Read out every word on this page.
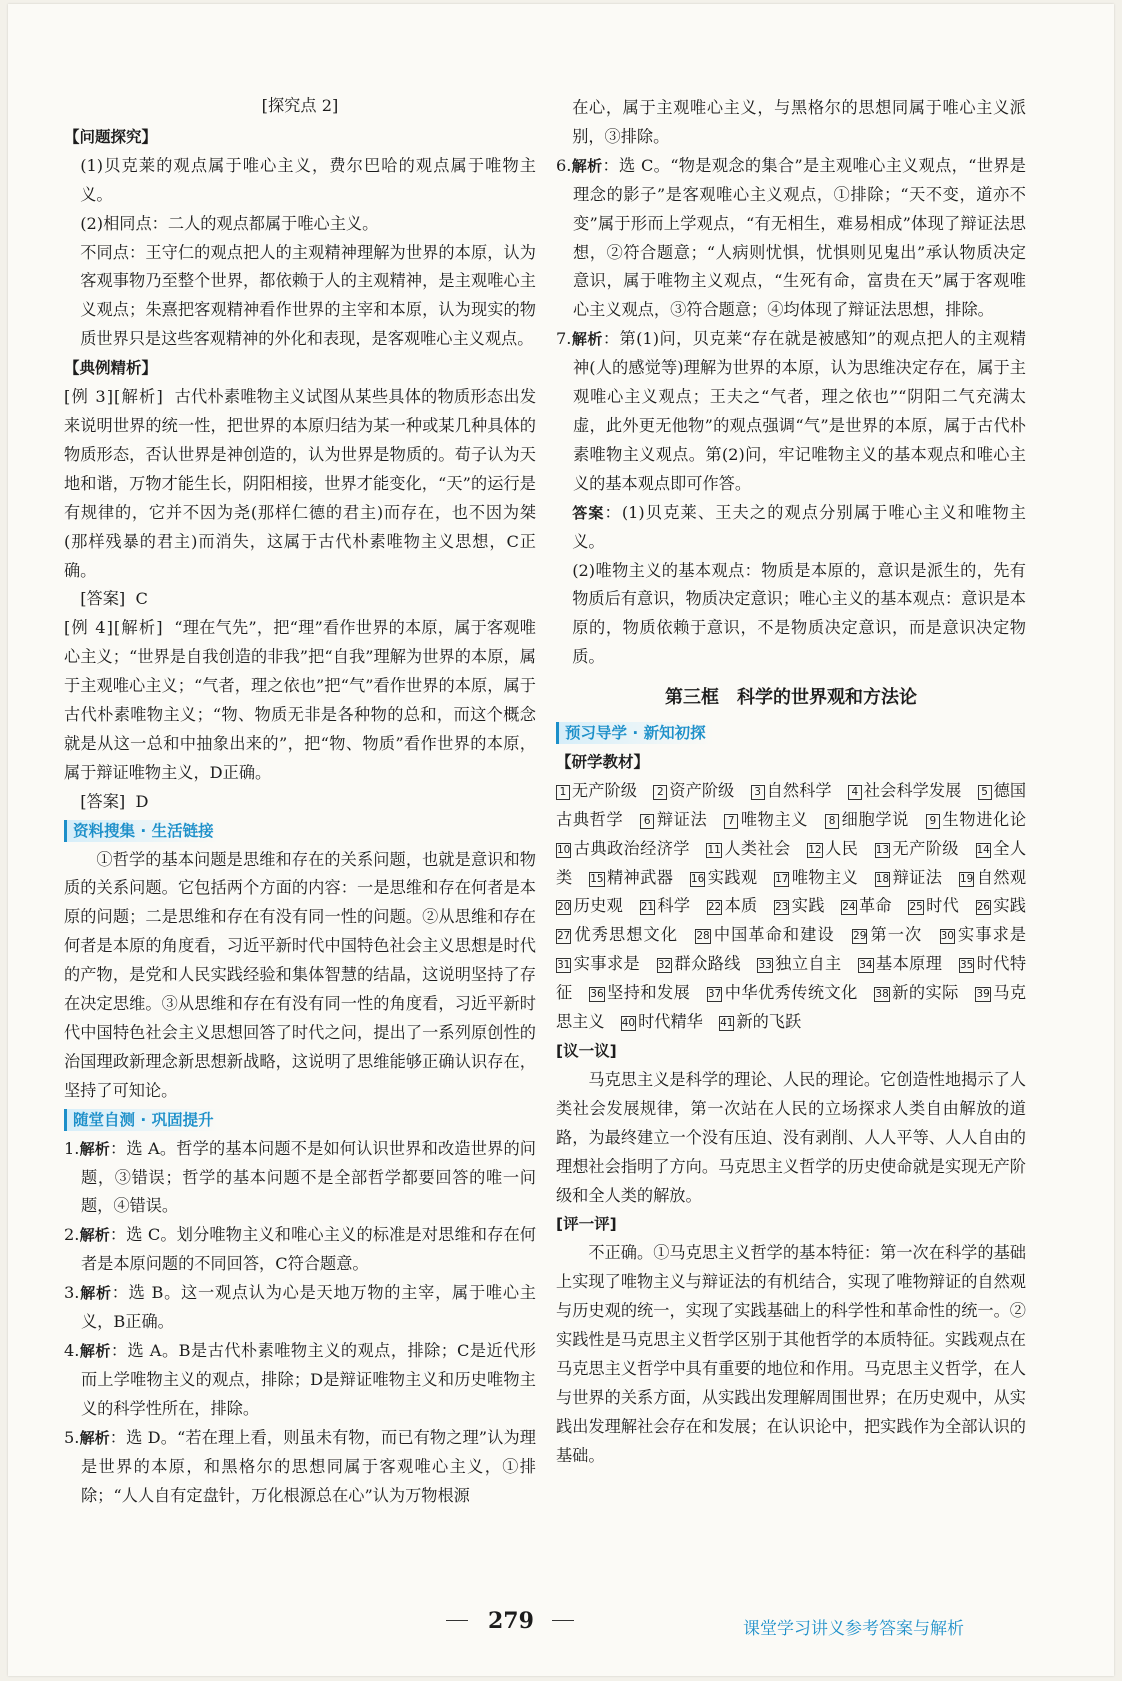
[探究点 2]

【问题探究】

(1)贝克莱的观点属于唯心主义，费尔巴哈的观点属于唯物主义。

(2)相同点：二人的观点都属于唯心主义。

不同点：王守仁的观点把人的主观精神理解为世界的本原，认为客观事物乃至整个世界，都依赖于人的主观精神，是主观唯心主义观点；朱熹把客观精神看作世界的主宰和本原，认为现实的物质世界只是这些客观精神的外化和表现，是客观唯心主义观点。

【典例精析】

[例 3][解析] 古代朴素唯物主义试图从某些具体的物质形态出发来说明世界的统一性，把世界的本原归结为某一种或某几种具体的物质形态，否认世界是神创造的，认为世界是物质的。荀子认为天地和谐，万物才能生长，阴阳相接，世界才能变化，“天”的运行是有规律的，它并不因为尧(那样仁德的君主)而存在，也不因为桀(那样残暴的君主)而消失，这属于古代朴素唯物主义思想，C正确。

[答案] C

[例 4][解析] “理在气先”，把“理”看作世界的本原，属于客观唯心主义；“世界是自我创造的非我”把“自我”理解为世界的本原，属于主观唯心主义；“气者，理之依也”把“气”看作世界的本原，属于古代朴素唯物主义；“物、物质无非是各种物的总和，而这个概念就是从这一总和中抽象出来的”，把“物、物质”看作世界的本原，属于辩证唯物主义，D正确。

[答案] D

资料搜集 · 生活链接

①哲学的基本问题是思维和存在的关系问题，也就是意识和物质的关系问题。它包括两个方面的内容：一是思维和存在何者是本原的问题；二是思维和存在有没有同一性的问题。②从思维和存在何者是本原的角度看，习近平新时代中国特色社会主义思想是时代的产物，是党和人民实践经验和集体智慧的结晶，这说明坚持了存在决定思维。③从思维和存在有没有同一性的角度看，习近平新时代中国特色社会主义思想回答了时代之问，提出了一系列原创性的治国理政新理念新思想新战略，这说明了思维能够正确认识存在，坚持了可知论。

随堂自测 · 巩固提升

1.解析：选 A。哲学的基本问题不是如何认识世界和改造世界的问题，③错误；哲学的基本问题不是全部哲学都要回答的唯一问题，④错误。

2.解析：选 C。划分唯物主义和唯心主义的标准是对思维和存在何者是本原问题的不同回答，C符合题意。

3.解析：选 B。这一观点认为心是天地万物的主宰，属于唯心主义，B正确。

4.解析：选 A。B是古代朴素唯物主义的观点，排除；C是近代形而上学唯物主义的观点，排除；D是辩证唯物主义和历史唯物主义的科学性所在，排除。

5.解析：选 D。“若在理上看，则虽未有物，而已有物之理”认为理是世界的本原，和黑格尔的思想同属于客观唯心主义，①排除；“人人自有定盘针，万化根源总在心”认为万物根源

在心，属于主观唯心主义，与黑格尔的思想同属于唯心主义派别，③排除。

6.解析：选 C。“物是观念的集合”是主观唯心主义观点，“世界是理念的影子”是客观唯心主义观点，①排除；“天不变，道亦不变”属于形而上学观点，“有无相生，难易相成”体现了辩证法思想，②符合题意；“人病则忧惧，忧惧则见鬼出”承认物质决定意识，属于唯物主义观点，“生死有命，富贵在天”属于客观唯心主义观点，③符合题意；④均体现了辩证法思想，排除。

7.解析：第(1)问，贝克莱“存在就是被感知”的观点把人的主观精神(人的感觉等)理解为世界的本原，认为思维决定存在，属于主观唯心主义观点；王夫之“气者，理之依也”“阴阳二气充满太虚，此外更无他物”的观点强调“气”是世界的本原，属于古代朴素唯物主义观点。第(2)问，牢记唯物主义的基本观点和唯心主义的基本观点即可作答。

答案：(1)贝克莱、王夫之的观点分别属于唯心主义和唯物主义。

(2)唯物主义的基本观点：物质是本原的，意识是派生的，先有物质后有意识，物质决定意识；唯心主义的基本观点：意识是本原的，物质依赖于意识，不是物质决定意识，而是意识决定物质。

第三框　科学的世界观和方法论

预习导学 · 新知初探

【研学教材】

1 无产阶级　 2 资产阶级　 3 自然科学　 4 社会科学发展　 5 德国古典哲学　 6 辩证法　 7 唯物主义　 8 细胞学说　 9 生物进化论　10 古典政治经济学　 11 人类社会　 12 人民　 13 无产阶级　 14 全人类　 15 精神武器　 16 实践观　 17 唯物主义　 18 辩证法　 19 自然观　20 历史观　 21 科学　 22 本质　 23 实践　 24 革命　 25 时代　 26 实践　27 优秀思想文化　 28 中国革命和建设　 29 第一次　 30 实事求是　31 实事求是　 32 群众路线　 33 独立自主　 34 基本原理　 35 时代特征　 36 坚持和发展　 37 中华优秀传统文化　 38 新的实际　 39 马克思主义　 40 时代精华　 41 新的飞跃　

[议一议]

马克思主义是科学的理论、人民的理论。它创造性地揭示了人类社会发展规律，第一次站在人民的立场探求人类自由解放的道路，为最终建立一个没有压迫、没有剥削、人人平等、人人自由的理想社会指明了方向。马克思主义哲学的历史使命就是实现无产阶级和全人类的解放。

[评一评]

不正确。①马克思主义哲学的基本特征：第一次在科学的基础上实现了唯物主义与辩证法的有机结合，实现了唯物辩证的自然观与历史观的统一，实现了实践基础上的科学性和革命性的统一。②实践性是马克思主义哲学区别于其他哲学的本质特征。实践观点在马克思主义哲学中具有重要的地位和作用。马克思主义哲学，在人与世界的关系方面，从实践出发理解周围世界；在历史观中，从实践出发理解社会存在和发展；在认识论中，把实践作为全部认识的基础。

279	课堂学习讲义参考答案与解析
